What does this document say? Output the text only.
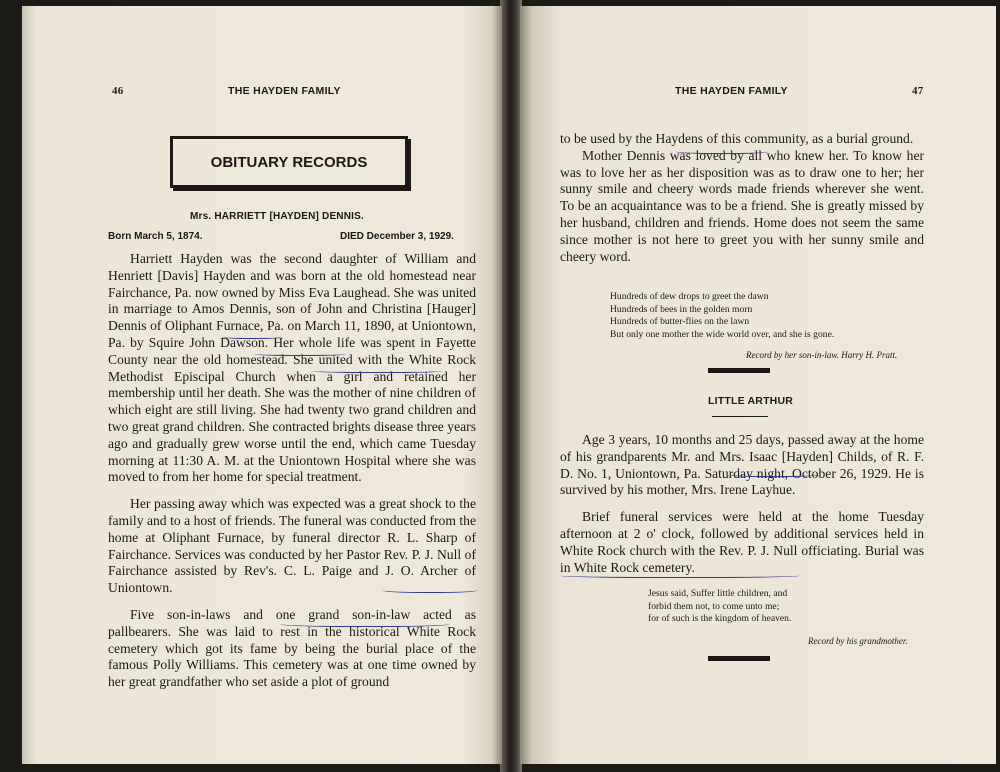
46	THE HAYDEN FAMILY
OBITUARY RECORDS
Mrs. HARRIETT [HAYDEN] DENNIS.
Born March 5, 1874.	DIED December 3, 1929.

Harriett Hayden was the second daughter of William and Henriett [Davis] Hayden and was born at the old homestead near Fairchance, Pa. now owned by Miss Eva Laughead. She was united in marriage to Amos Dennis, son of John and Christina [Hauger] Dennis of Oliphant Furnace, Pa. on March 11, 1890, at Uniontown, Pa. by Squire John Dawson. Her whole life was spent in Fayette County near the old homestead. She united with the White Rock Methodist Episcipal Church when a girl and retained her membership until her death. She was the mother of nine children of which eight are still living. She had twenty two grand children and two great grand children. She contracted brights disease three years ago and gradually grew worse until the end, which came Tuesday morning at 11:30 A. M. at the Uniontown Hospital where she was moved to from her home for special treatment.

Her passing away which was expected was a great shock to the family and to a host of friends. The funeral was conducted from the home at Oliphant Furnace, by funeral director R. L. Sharp of Fairchance. Services was conducted by her Pastor Rev. P. J. Null of Fairchance assisted by Rev's. C. L. Paige and J. O. Archer of Uniontown.

Five son-in-laws and one grand son-in-law acted as pallbearers. She was laid to rest in the historical White Rock cemetery which got its fame by being the burial place of the famous Polly Williams. This cemetery was at one time owned by her great grandfather who set aside a plot of ground

THE HAYDEN FAMILY	47

to be used by the Haydens of this community, as a burial ground.

Mother Dennis was loved by all who knew her. To know her was to love her as her disposition was as to draw one to her; her sunny smile and cheery words made friends wherever she went. To be an acquaintance was to be a friend. She is greatly missed by her husband, children and friends. Home does not seem the same since mother is not here to greet you with her sunny smile and cheery word.

Hundreds of dew drops to greet the dawn
Hundreds of bees in the golden morn
Hundreds of butter-flies on the lawn
But only one mother the wide world over, and she is gone.
Record by her son-in-law. Harry H. Pratt.
LITTLE ARTHUR

Age 3 years, 10 months and 25 days, passed away at the home of his grandparents Mr. and Mrs. Isaac [Hayden] Childs, of R. F. D. No. 1, Uniontown, Pa. Saturday night, October 26, 1929. He is survived by his mother, Mrs. Irene Layhue.

Brief funeral services were held at the home Tuesday afternoon at 2 o' clock, followed by additional services held in White Rock church with the Rev. P. J. Null officiating. Burial was in White Rock cemetery.

Jesus said, Suffer little children, and
forbid them not, to come unto me;
for of such is the kingdom of heaven.
Record by his grandmother.
